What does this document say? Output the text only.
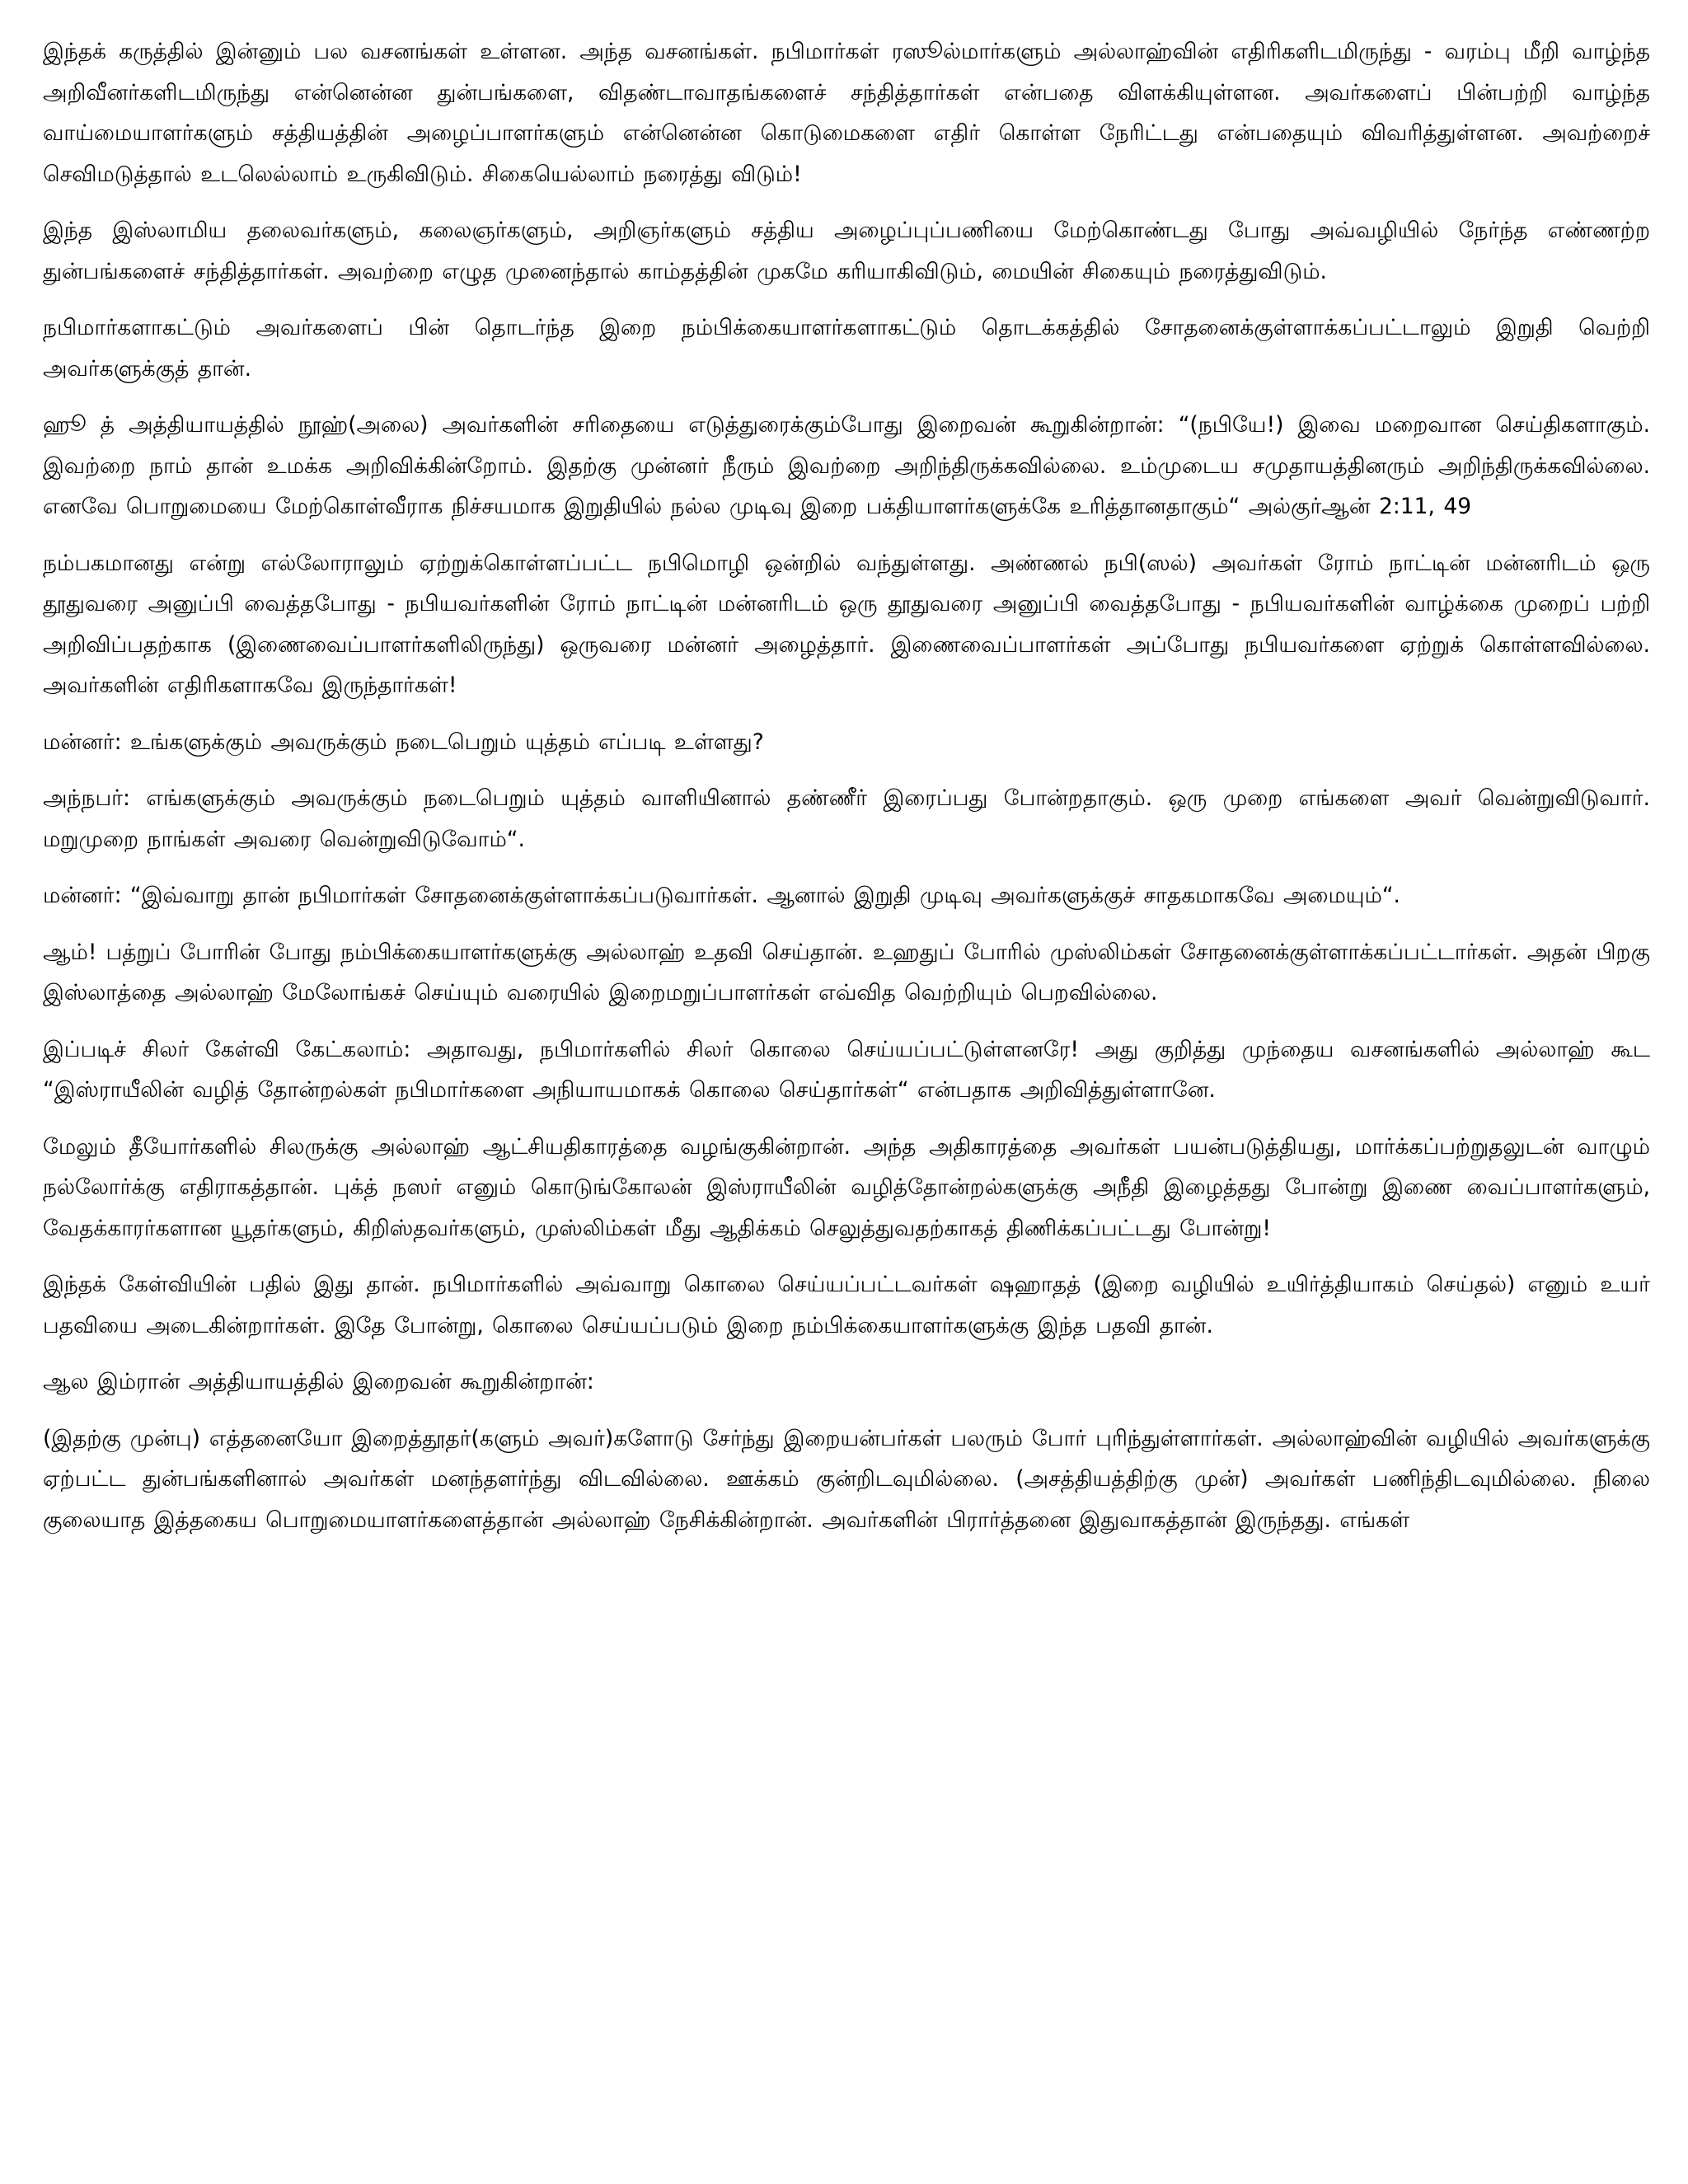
இந்தக் கருத்தில் இன்னும் பல வசனங்கள் உள்ளன. அந்த வசனங்கள். நபிமார்கள் ரஸூல்மார்களும் அல்லாஹ்வின் எதிரிகளிடமிருந்து - வரம்பு மீறி வாழ்ந்த அறிவீனர்களிடமிருந்து என்னென்ன துன்பங்களை, விதண்டாவாதங்களைச் சந்தித்தார்கள் என்பதை விளக்கியுள்ளன. அவர்களைப் பின்பற்றி வாழ்ந்த வாய்மையாளர்களும் சத்தியத்தின் அழைப்பாளர்களும் என்னென்ன கொடுமைகளை எதிர் கொள்ள நேரிட்டது என்பதையும் விவரித்துள்ளன. அவற்றைச் செவிமடுத்தால் உடலெல்லாம் உருகிவிடும். சிகையெல்லாம் நரைத்து விடும்!

இந்த இஸ்லாமிய தலைவர்களும், கலைஞர்களும், அறிஞர்களும் சத்திய அழைப்புப்பணியை மேற்கொண்டது போது அவ்வழியில் நேர்ந்த எண்ணற்ற துன்பங்களைச் சந்தித்தார்கள். அவற்றை எழுத முனைந்தால் காம்தத்தின் முகமே கரியாகிவிடும், மையின் சிகையும் நரைத்துவிடும்.

நபிமார்களாகட்டும் அவர்களைப் பின் தொடர்ந்த இறை நம்பிக்கையாளர்களாகட்டும் தொடக்கத்தில் சோதனைக்குள்ளாக்கப்பட்டாலும் இறுதி வெற்றி அவர்களுக்குத் தான்.

ஹூ த் அத்தியாயத்தில் நூஹ்(அலை) அவர்களின் சரிதையை எடுத்துரைக்கும்போது இறைவன் கூறுகின்றான்: “(நபியே!) இவை மறைவான செய்திகளாகும். இவற்றை நாம் தான் உமக்க அறிவிக்கின்றோம். இதற்கு முன்னர் நீரும் இவற்றை அறிந்திருக்கவில்லை. உம்முடைய சமுதாயத்தினரும் அறிந்திருக்கவில்லை. எனவே பொறுமையை மேற்கொள்வீராக நிச்சயமாக இறுதியில் நல்ல முடிவு இறை பக்தியாளர்களுக்கே உரித்தானதாகும்“ அல்குர்ஆன் 2:11, 49

நம்பகமானது என்று எல்லோராலும் ஏற்றுக்கொள்ளப்பட்ட நபிமொழி ஒன்றில் வந்துள்ளது. அண்ணல் நபி(ஸல்) அவர்கள் ரோம் நாட்டின் மன்னரிடம் ஒரு தூதுவரை அனுப்பி வைத்தபோது - நபியவர்களின் ரோம் நாட்டின் மன்னரிடம் ஒரு தூதுவரை அனுப்பி வைத்தபோது - நபியவர்களின் வாழ்க்கை முறைப் பற்றி அறிவிப்பதற்காக (இணைவைப்பாளர்களிலிருந்து) ஒருவரை மன்னர் அழைத்தார். இணைவைப்பாளர்கள் அப்போது நபியவர்களை ஏற்றுக் கொள்ளவில்லை. அவர்களின் எதிரிகளாகவே இருந்தார்கள்!

மன்னர்: உங்களுக்கும் அவருக்கும் நடைபெறும் யுத்தம் எப்படி உள்ளது?

அந்நபர்: எங்களுக்கும் அவருக்கும் நடைபெறும் யுத்தம் வாளியினால் தண்ணீர் இரைப்பது போன்றதாகும். ஒரு முறை எங்களை அவர் வென்றுவிடுவார். மறுமுறை நாங்கள் அவரை வென்றுவிடுவோம்“.

மன்னர்: “இவ்வாறு தான் நபிமார்கள் சோதனைக்குள்ளாக்கப்படுவார்கள். ஆனால் இறுதி முடிவு அவர்களுக்குச் சாதகமாகவே அமையும்“.

ஆம்! பத்றுப் போரின் போது நம்பிக்கையாளர்களுக்கு அல்லாஹ் உதவி செய்தான். உஹதுப் போரில் முஸ்லிம்கள் சோதனைக்குள்ளாக்கப்பட்டார்கள். அதன் பிறகு இஸ்லாத்தை அல்லாஹ் மேலோங்கச் செய்யும் வரையில் இறைமறுப்பாளர்கள் எவ்வித வெற்றியும் பெறவில்லை.

இப்படிச் சிலர் கேள்வி கேட்கலாம்: அதாவது, நபிமார்களில் சிலர் கொலை செய்யப்பட்டுள்ளனரே! அது குறித்து முந்தைய வசனங்களில் அல்லாஹ் கூட “இஸ்ராயீலின் வழித் தோன்றல்கள் நபிமார்களை அநியாயமாகக் கொலை செய்தார்கள்“ என்பதாக அறிவித்துள்ளானே.

மேலும் தீயோர்களில் சிலருக்கு அல்லாஹ் ஆட்சியதிகாரத்தை வழங்குகின்றான். அந்த அதிகாரத்தை அவர்கள் பயன்படுத்தியது, மார்க்கப்பற்றுதலுடன் வாழும் நல்லோர்க்கு எதிராகத்தான். புக்த் நஸர் எனும் கொடுங்கோலன் இஸ்ராயீலின் வழித்தோன்றல்களுக்கு அநீதி இழைத்தது போன்று இணை வைப்பாளர்களும், வேதக்காரர்களான யூதர்களும், கிறிஸ்தவர்களும், முஸ்லிம்கள் மீது ஆதிக்கம் செலுத்துவதற்காகத் திணிக்கப்பட்டது போன்று!

இந்தக் கேள்வியின் பதில் இது தான். நபிமார்களில் அவ்வாறு கொலை செய்யப்பட்டவர்கள் ஷஹாதத் (இறை வழியில் உயிர்த்தியாகம் செய்தல்) எனும் உயர் பதவியை அடைகின்றார்கள். இதே போன்று, கொலை செய்யப்படும் இறை நம்பிக்கையாளர்களுக்கு இந்த பதவி தான்.

ஆல இம்ரான் அத்தியாயத்தில் இறைவன் கூறுகின்றான்:

(இதற்கு முன்பு) எத்தனையோ இறைத்தூதர்(களும் அவர்)களோடு சேர்ந்து இறையன்பர்கள் பலரும் போர் புரிந்துள்ளார்கள். அல்லாஹ்வின் வழியில் அவர்களுக்கு ஏற்பட்ட துன்பங்களினால் அவர்கள் மனந்தளர்ந்து விடவில்லை. ஊக்கம் குன்றிடவுமில்லை. (அசத்தியத்திற்கு முன்) அவர்கள் பணிந்திடவுமில்லை. நிலை குலையாத இத்தகைய பொறுமையாளர்களைத்தான் அல்லாஹ் நேசிக்கின்றான். அவர்களின் பிரார்த்தனை இதுவாகத்தான் இருந்தது. எங்கள்
